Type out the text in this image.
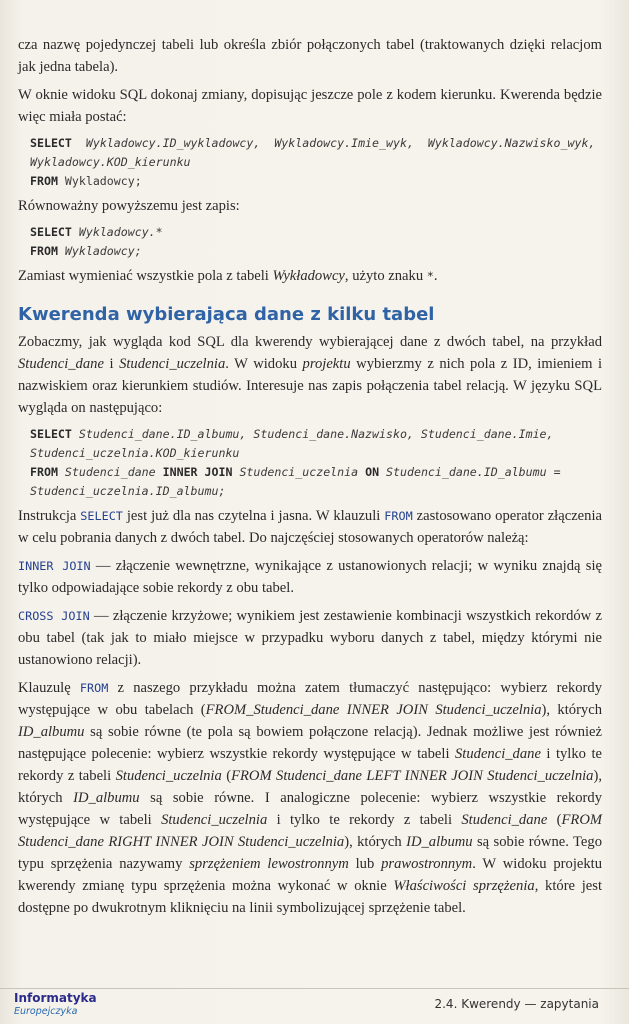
cza nazwę pojedynczej tabeli lub określa zbiór połączonych tabel (traktowanych dzięki relacjom jak jedna tabela).

W oknie widoku SQL dokonaj zmiany, dopisując jeszcze pole z kodem kierunku. Kwerenda będzie więc miała postać:

SELECT Wykladowcy.ID_wykladowcy,  Wykladowcy.Imie_wyk,  Wykladowcy.Nazwisko_wyk, Wykladowcy.KOD_kierunku
FROM Wykladowcy;

Równoważny powyższemu jest zapis:

SELECT Wykladowcy.*
FROM Wykladowcy;

Zamiast wymieniać wszystkie pola z tabeli Wykładowcy, użyto znaku *.

Kwerenda wybierająca dane z kilku tabel

Zobaczmy, jak wygląda kod SQL dla kwerendy wybierającej dane z dwóch tabel, na przykład Studenci_dane i Studenci_uczelnia. W widoku projektu wybierzmy z nich pola z ID, imieniem i nazwiskiem oraz kierunkiem studiów. Interesuje nas zapis połączenia tabel relacją. W języku SQL wygląda on następująco:

SELECT Studenci_dane.ID_albumu, Studenci_dane.Nazwisko, Studenci_dane.Imie, Studenci_uczelnia.KOD_kierunku
FROM Studenci_dane INNER JOIN Studenci_uczelnia ON Studenci_dane.ID_albumu = Studenci_uczelnia.ID_albumu;

Instrukcja SELECT jest już dla nas czytelna i jasna. W klauzuli FROM zastosowano operator złączenia w celu pobrania danych z dwóch tabel. Do najczęściej stosowanych operatorów należą:

INNER JOIN — złączenie wewnętrzne, wynikające z ustanowionych relacji; w wyniku znajdą się tylko odpowiadające sobie rekordy z obu tabel.

CROSS JOIN — złączenie krzyżowe; wynikiem jest zestawienie kombinacji wszystkich rekordów z obu tabel (tak jak to miało miejsce w przypadku wyboru danych z tabel, między którymi nie ustanowiono relacji).

Klauzulę FROM z naszego przykładu można zatem tłumaczyć następująco: wybierz rekordy występujące w obu tabelach (FROM_Studenci_dane INNER JOIN Studenci_uczelnia), których ID_albumu są sobie równe (te pola są bowiem połączone relacją). Jednak możliwe jest również następujące polecenie: wybierz wszystkie rekordy występujące w tabeli Studenci_dane i tylko te rekordy z tabeli Studenci_uczelnia (FROM Studenci_dane LEFT INNER JOIN Studenci_uczelnia), których ID_albumu są sobie równe. I analogiczne polecenie: wybierz wszystkie rekordy występujące w tabeli Studenci_uczelnia i tylko te rekordy z tabeli Studenci_dane (FROM Studenci_dane RIGHT INNER JOIN Studenci_uczelnia), których ID_albumu są sobie równe. Tego typu sprzężenia nazywamy sprzężeniem lewostronnym lub prawostronnym. W widoku projektu kwerendy zmianę typu sprzężenia można wykonać w oknie Właściwości sprzężenia, które jest dostępne po dwukrotnym kliknięciu na linii symbolizującej sprzężenie tabel.

Informatyka
Europejczyka
2.4. Kwerendy — zapytania
